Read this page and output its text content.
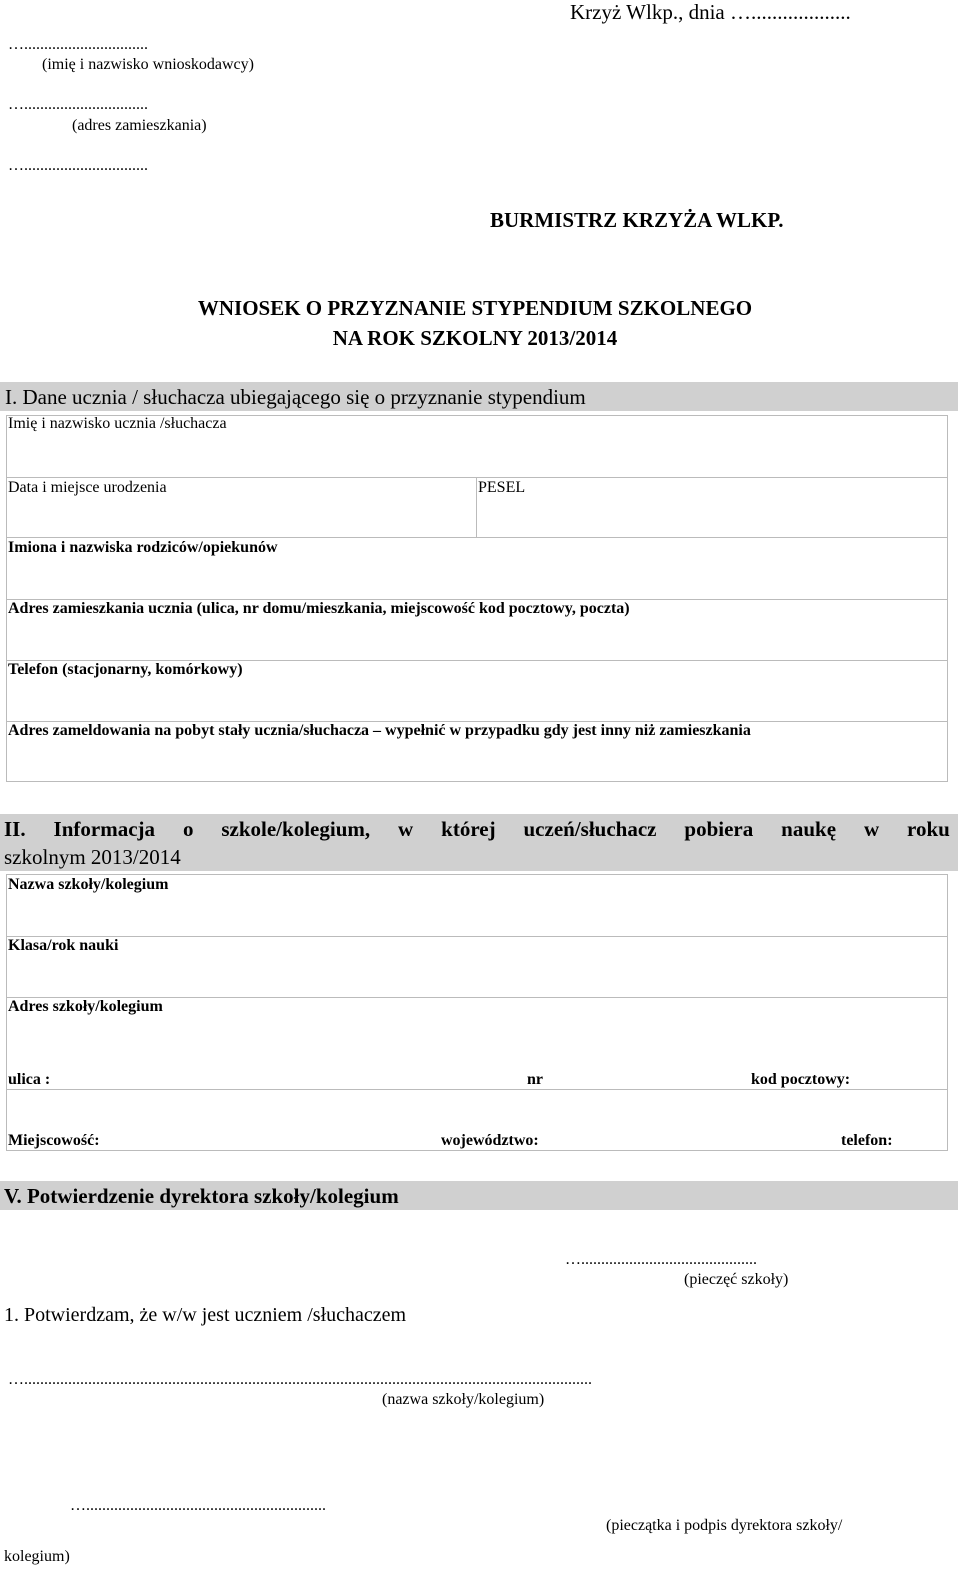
Krzyż Wlkp., dnia …...................
…...............................
(imię i nazwisko wnioskodawcy)
…...............................
(adres zamieszkania)
…...............................
BURMISTRZ KRZYŻA WLKP.
WNIOSEK O PRZYZNANIE STYPENDIUM SZKOLNEGO
NA ROK SZKOLNY 2013/2014
I. Dane ucznia / słuchacza ubiegającego się o przyznanie stypendium
Imię i nazwisko ucznia /słuchacza
Data i miejsce urodzenia	PESEL
Imiona i nazwiska rodziców/opiekunów
Adres zamieszkania ucznia (ulica, nr domu/mieszkania, miejscowość kod pocztowy, poczta)
Telefon (stacjonarny, komórkowy)
Adres zameldowania na pobyt stały ucznia/słuchacza – wypełnić w przypadku gdy jest inny niż zamieszkania
II. Informacja o szkole/kolegium, w której uczeń/słuchacz pobiera naukę w roku
szkolnym 2013/2014
Nazwa szkoły/kolegium
Klasa/rok nauki
Adres szkoły/kolegium
ulica :	nr	kod pocztowy:
Miejscowość:	województwo:	telefon:
V. Potwierdzenie dyrektora szkoły/kolegium
…............................................
(pieczęć szkoły)
1. Potwierdzam, że w/w jest uczniem /słuchaczem
…..............................................................................................................................................
(nazwa szkoły/kolegium)
…............................................................
(pieczątka i podpis dyrektora szkoły/
kolegium)
